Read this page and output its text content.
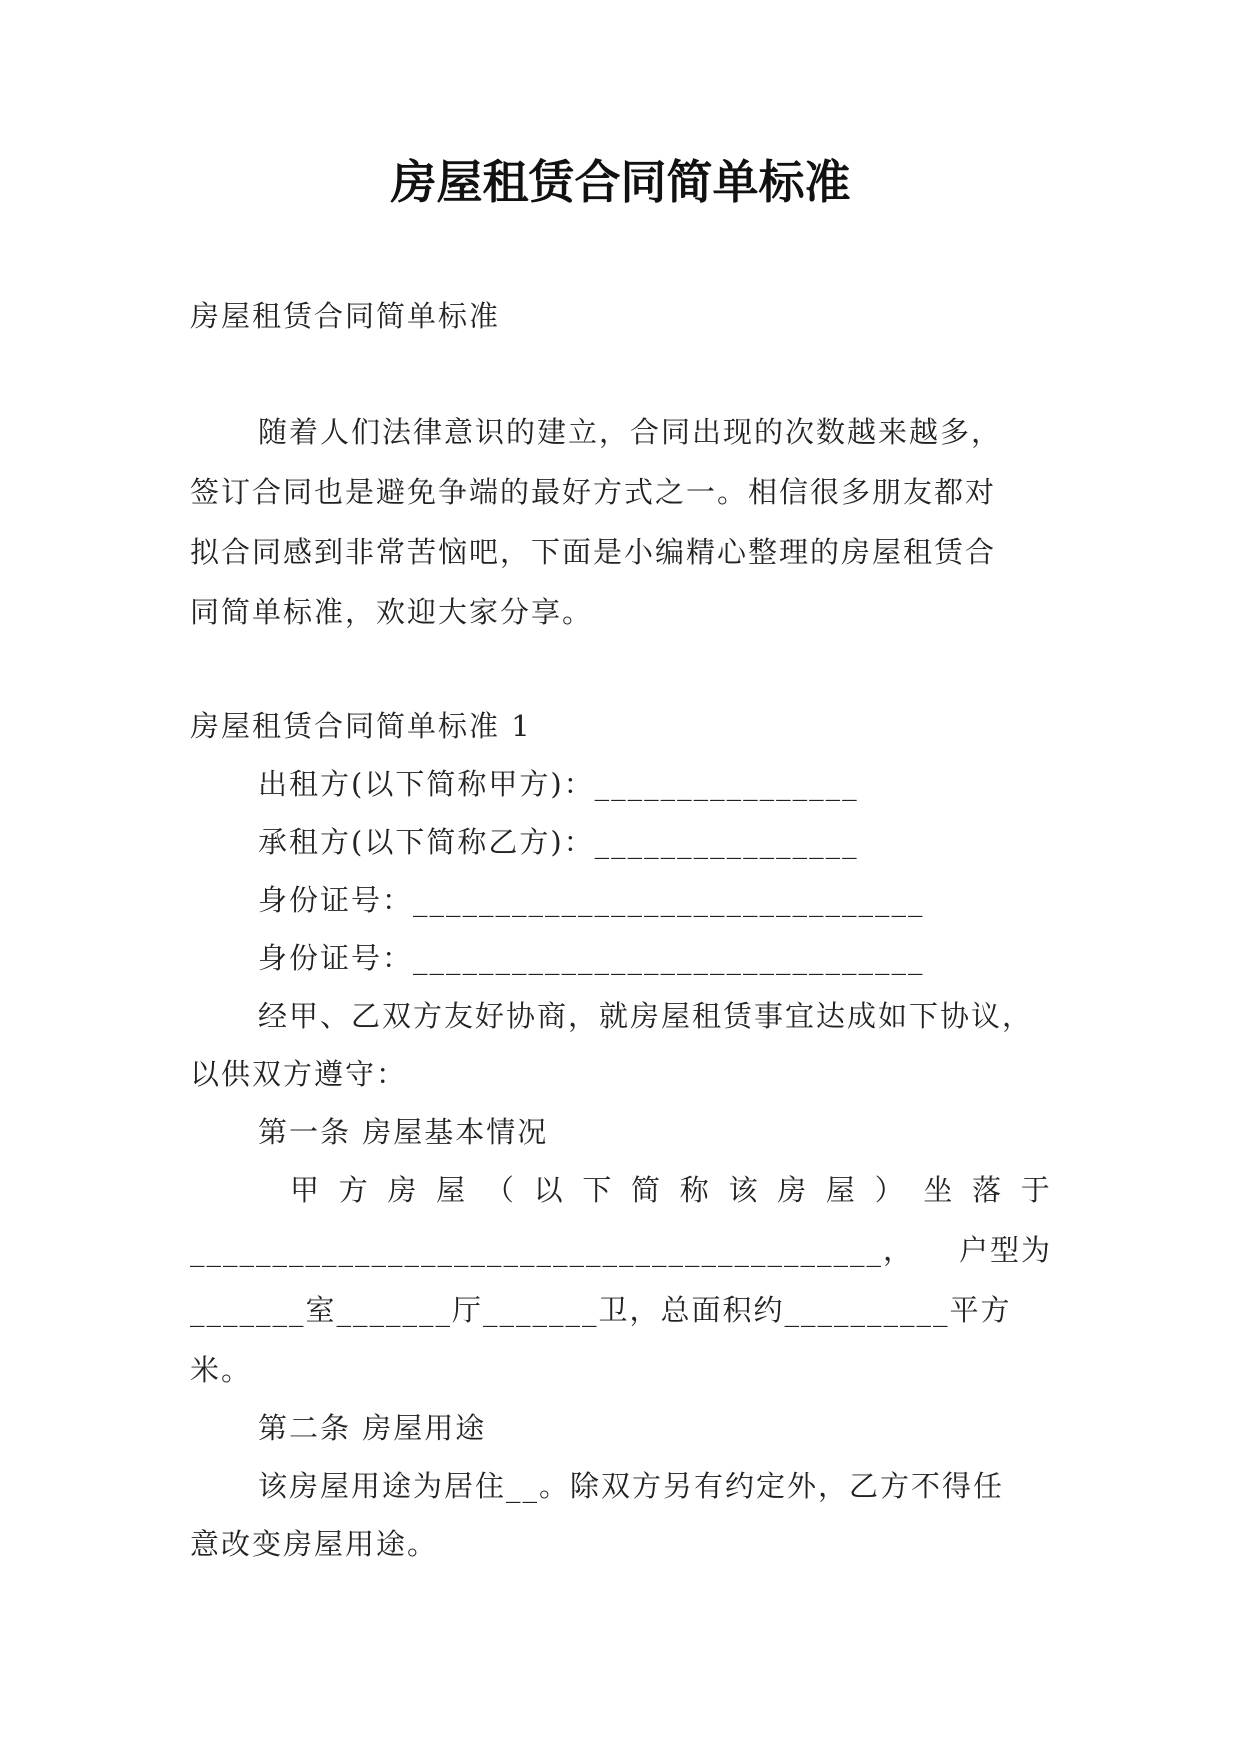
房屋租赁合同简单标准
房屋租赁合同简单标准
随着人们法律意识的建立，合同出现的次数越来越多，
签订合同也是避免争端的最好方式之一。相信很多朋友都对
拟合同感到非常苦恼吧，下面是小编精心整理的房屋租赁合
同简单标准，欢迎大家分享。
房屋租赁合同简单标准 1
出租方(以下简称甲方)：________________
承租方(以下简称乙方)：________________
身份证号：_______________________________
身份证号：_______________________________
经甲、乙双方友好协商，就房屋租赁事宜达成如下协议，
以供双方遵守：
第一条 房屋基本情况
甲 方 房 屋 （ 以 下 简 称 该 房 屋 ） 坐 落 于
__________________________________________， 户型为
_______室_______厅_______卫，总面积约__________平方
米。
第二条 房屋用途
该房屋用途为居住__。除双方另有约定外，乙方不得任
意改变房屋用途。
